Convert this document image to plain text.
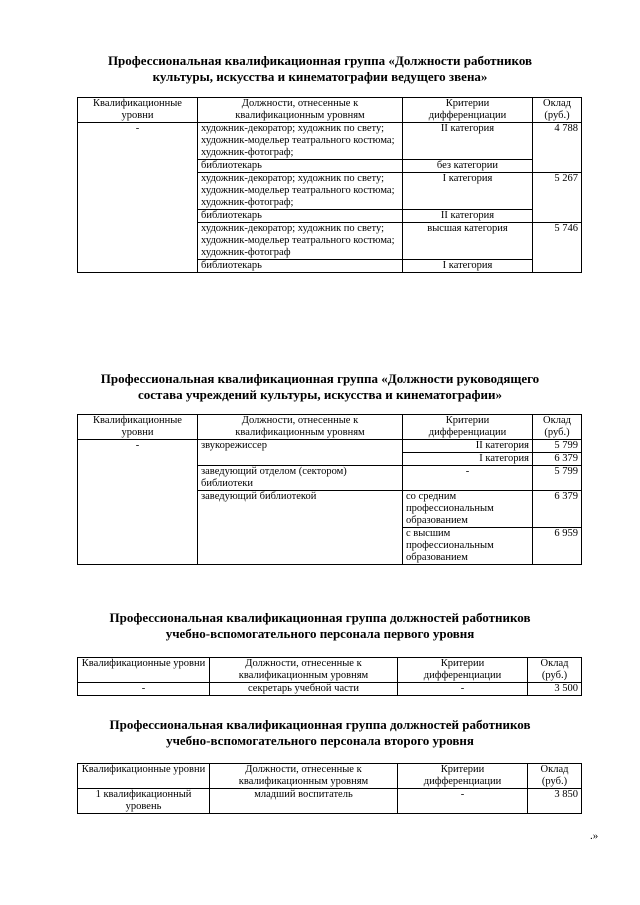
Профессиональная квалификационная группа «Должности работников
культуры, искусства и кинематографии ведущего звена»
Квалификационные уровни	Должности, отнесенные к квалификационным уровням	Критерии дифференциации	Оклад (руб.)
-	художник-декоратор; художник по свету; художник-модельер театрального костюма; художник-фотограф;	II категория	4 788
	библиотекарь	без категории	
	художник-декоратор; художник по свету; художник-модельер театрального костюма; художник-фотограф;	I категория	5 267
	библиотекарь	II категория	
	художник-декоратор; художник по свету; художник-модельер театрального костюма; художник-фотограф	высшая категория	5 746
	библиотекарь	I категория	
Профессиональная квалификационная группа «Должности руководящего
состава учреждений культуры, искусства и кинематографии»
Квалификационные уровни	Должности, отнесенные к квалификационным уровням	Критерии дифференциации	Оклад (руб.)
-	звукорежиссер	II категория	5 799
		I категория	6 379
	заведующий отделом (сектором) библиотеки	-	5 799
	заведующий библиотекой	со средним профессиональным образованием	6 379
		с высшим профессиональным образованием	6 959
Профессиональная квалификационная группа должностей работников
учебно-вспомогательного персонала первого уровня
Квалификационные уровни	Должности, отнесенные к квалификационным уровням	Критерии дифференциации	Оклад (руб.)
-	секретарь учебной части	-	3 500
Профессиональная квалификационная группа должностей работников
учебно-вспомогательного персонала второго уровня
Квалификационные уровни	Должности, отнесенные к квалификационным уровням	Критерии дифференциации	Оклад (руб.)
1 квалификационный уровень	младший воспитатель	-	3 850
.»
